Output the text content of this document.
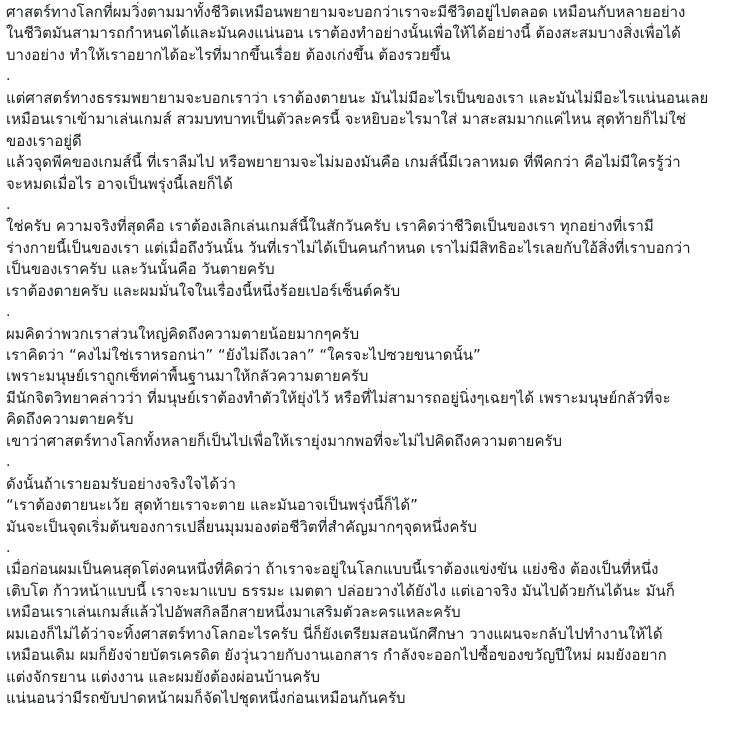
ศาสตร์ทางโลกที่ผมวิ่งตามมาทั้งชีวิตเหมือนพยายามจะบอกว่าเราจะมีชีวิตอยู่ไปตลอด เหมือนกับหลายอย่าง
ในชีวิตมันสามารถกำหนดได้และมันคงแน่นอน เราต้องทำอย่างนั้นเพื่อให้ได้อย่างนี้ ต้องสะสมบางสิ่งเพื่อได้
บางอย่าง ทำให้เราอยากได้อะไรที่มากขึ้นเรื่อย ต้องเก่งขึ้น ต้องรวยขึ้น
.
แต่ศาสตร์ทางธรรมพยายามจะบอกเราว่า เราต้องตายนะ มันไม่มีอะไรเป็นของเรา และมันไม่มีอะไรแน่นอนเลย
เหมือนเราเข้ามาเล่นเกมส์ สวมบทบาทเป็นตัวละครนี้ จะหยิบอะไรมาใส่ มาสะสมมากแค่ไหน สุดท้ายก็ไม่ใช่
ของเราอยู่ดี
แล้วจุดพีคของเกมส์นี้ ที่เราลืมไป หรือพยายามจะไม่มองมันคือ เกมส์นี้มีเวลาหมด ที่พีคกว่า คือไม่มีใครรู้ว่า
จะหมดเมื่อไร อาจเป็นพรุ่งนี้เลยก็ได้
.
ใช่ครับ ความจริงที่สุดคือ เราต้องเลิกเล่นเกมส์นี้ในสักวันครับ เราคิดว่าชีวิตเป็นของเรา ทุกอย่างที่เรามี
ร่างกายนี้เป็นของเรา แต่เมื่อถึงวันนั้น วันที่เราไม่ได้เป็นคนกำหนด เราไม่มีสิทธิอะไรเลยกับใอ้สิ่งที่เราบอกว่า
เป็นของเราครับ และวันนั้นคือ วันตายครับ
เราต้องตายครับ และผมมั่นใจในเรื่องนี้หนึ่งร้อยเปอร์เซ็นต์ครับ
.
ผมคิดว่าพวกเราส่วนใหญ่คิดถึงความตายน้อยมากๆครับ
เราคิดว่า “คงไม่ใช่เราหรอกน่า” “ยังไม่ถึงเวลา” “ใครจะไปซวยขนาดนั้น”
เพราะมนุษย์เราถูกเซ็ทค่าพื้นฐานมาให้กลัวความตายครับ
มีนักจิตวิทยาคล่าวว่า ที่มนุษย์เราต้องทำตัวให้ยุ่งไว้ หรือที่ไม่สามารถอยู่นิ่งๆเฉยๆได้ เพราะมนุษย์กลัวที่จะ
คิดถึงความตายครับ
เขาว่าศาสตร์ทางโลกทั้งหลายก็เป็นไปเพื่อให้เรายุ่งมากพอที่จะไม่ไปคิดถึงความตายครับ
.
ดังนั้นถ้าเรายอมรับอย่างจริงใจได้ว่า
“เราต้องตายนะเว้ย สุดท้ายเราจะตาย และมันอาจเป็นพรุ่งนี้ก็ได้”
มันจะเป็นจุดเริ่มต้นของการเปลี่ยนมุมมองต่อชีวิตที่สำคัญมากๆจุดหนึ่งครับ
.
เมื่อก่อนผมเป็นคนสุดโต่งคนหนึ่งที่คิดว่า ถ้าเราจะอยู่ในโลกแบบนี้เราต้องแข่งขัน แย่งชิง ต้องเป็นที่หนึ่ง
เติบโต ก้าวหน้าแบบนี้ เราจะมาแบบ ธรรมะ เมตตา ปล่อยวางได้ยังไง แต่เอาจริง มันไปด้วยกันได้นะ มันก็
เหมือนเราเล่นเกมส์แล้วไปอัพสกิลอีกสายหนึ่งมาเสริมตัวละครแหละครับ
ผมเองก็ไม่ได้ว่าจะทิ้งศาสตร์ทางโลกอะไรครับ นี่ก็ยังเตรียมสอนนักศึกษา วางแผนจะกลับไปทำงานให้ได้
เหมือนเดิม ผมก็ยังจ่ายบัตรเครดิต ยังวุ่นวายกับงานเอกสาร กำลังจะออกไปซื้อของขวัญปีใหม่ ผมยังอยาก
แต่งจักรยาน แต่งงาน และผมยังต้องผ่อนบ้านครับ
แน่นอนว่ามีรถขับปาดหน้าผมก็จัดไปชุดหนึ่งก่อนเหมือนกันครับ
